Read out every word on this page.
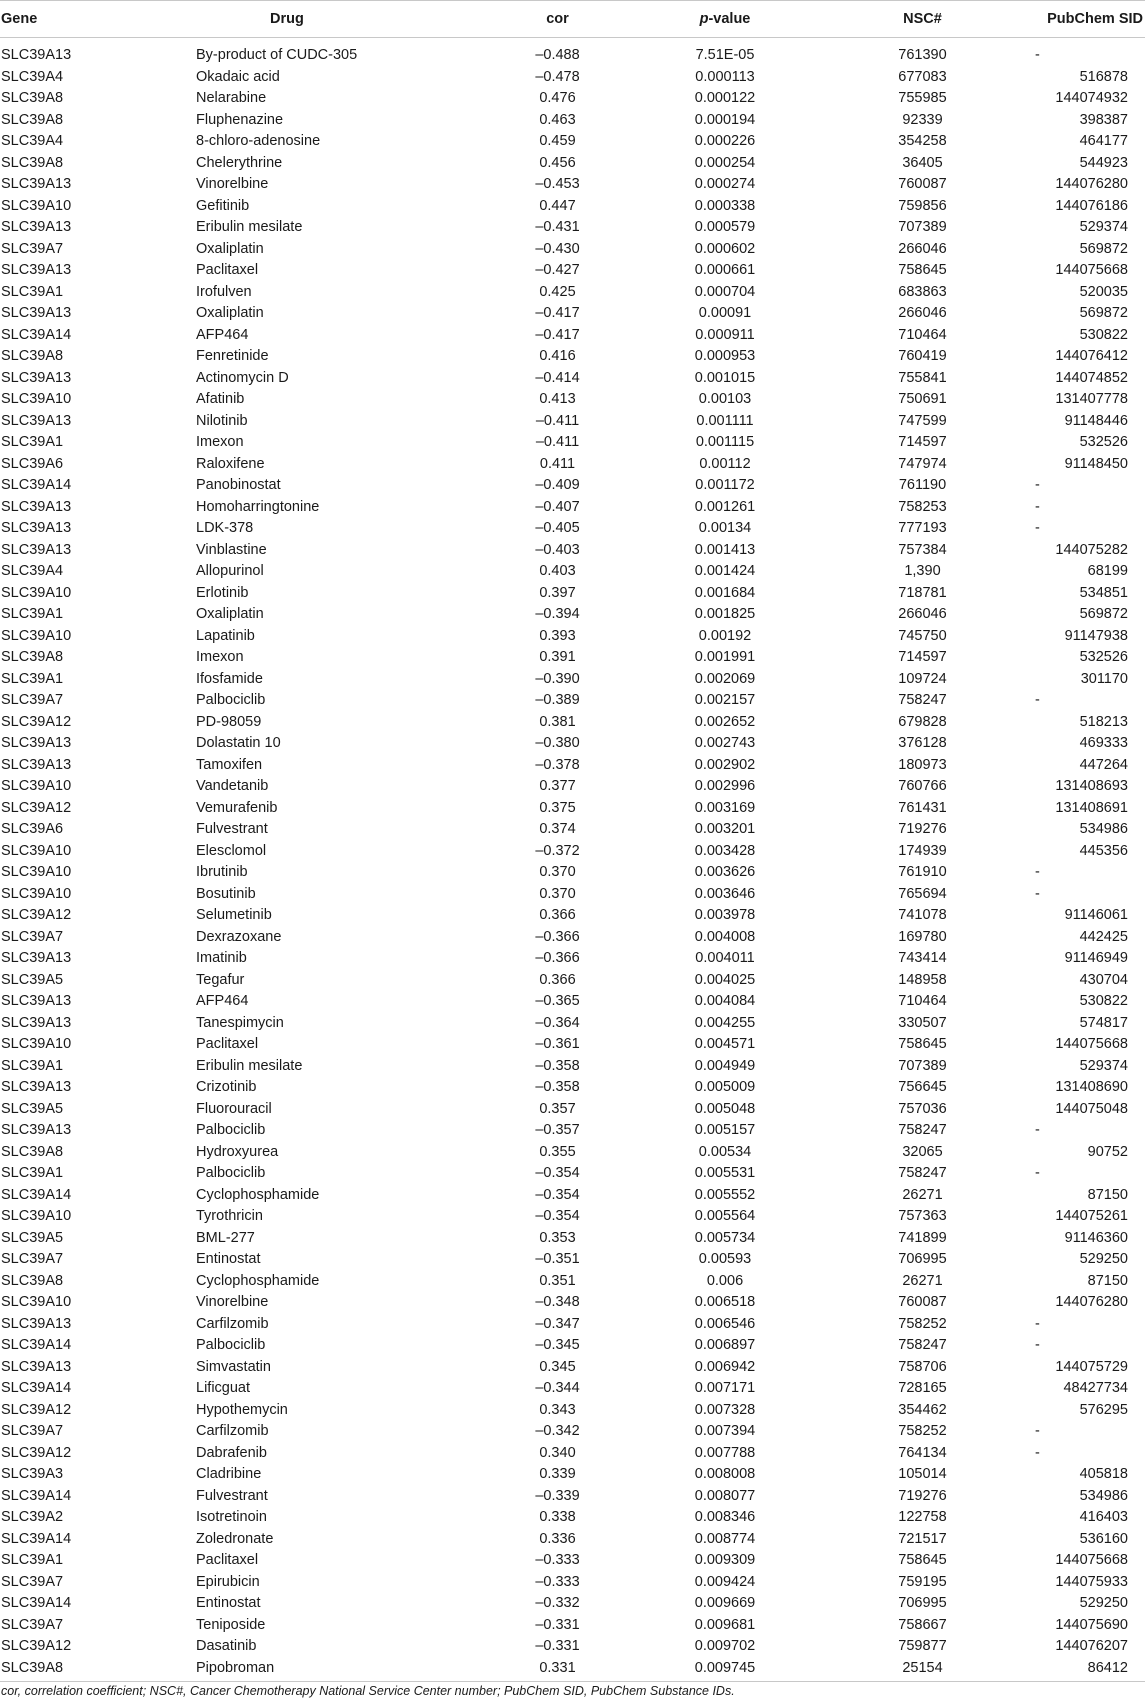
Gene	Drug	cor	p-value	NSC#	PubChem SID
SLC39A13	By-product of CUDC-305	–0.488	7.51E-05	761390	-
SLC39A4	Okadaic acid	–0.478	0.000113	677083	516878
SLC39A8	Nelarabine	0.476	0.000122	755985	144074932
SLC39A8	Fluphenazine	0.463	0.000194	92339	398387
SLC39A4	8-chloro-adenosine	0.459	0.000226	354258	464177
SLC39A8	Chelerythrine	0.456	0.000254	36405	544923
SLC39A13	Vinorelbine	–0.453	0.000274	760087	144076280
SLC39A10	Gefitinib	0.447	0.000338	759856	144076186
SLC39A13	Eribulin mesilate	–0.431	0.000579	707389	529374
SLC39A7	Oxaliplatin	–0.430	0.000602	266046	569872
SLC39A13	Paclitaxel	–0.427	0.000661	758645	144075668
SLC39A1	Irofulven	0.425	0.000704	683863	520035
SLC39A13	Oxaliplatin	–0.417	0.00091	266046	569872
SLC39A14	AFP464	–0.417	0.000911	710464	530822
SLC39A8	Fenretinide	0.416	0.000953	760419	144076412
SLC39A13	Actinomycin D	–0.414	0.001015	755841	144074852
SLC39A10	Afatinib	0.413	0.00103	750691	131407778
SLC39A13	Nilotinib	–0.411	0.001111	747599	91148446
SLC39A1	Imexon	–0.411	0.001115	714597	532526
SLC39A6	Raloxifene	0.411	0.00112	747974	91148450
SLC39A14	Panobinostat	–0.409	0.001172	761190	-
SLC39A13	Homoharringtonine	–0.407	0.001261	758253	-
SLC39A13	LDK-378	–0.405	0.00134	777193	-
SLC39A13	Vinblastine	–0.403	0.001413	757384	144075282
SLC39A4	Allopurinol	0.403	0.001424	1,390	68199
SLC39A10	Erlotinib	0.397	0.001684	718781	534851
SLC39A1	Oxaliplatin	–0.394	0.001825	266046	569872
SLC39A10	Lapatinib	0.393	0.00192	745750	91147938
SLC39A8	Imexon	0.391	0.001991	714597	532526
SLC39A1	Ifosfamide	–0.390	0.002069	109724	301170
SLC39A7	Palbociclib	–0.389	0.002157	758247	-
SLC39A12	PD-98059	0.381	0.002652	679828	518213
SLC39A13	Dolastatin 10	–0.380	0.002743	376128	469333
SLC39A13	Tamoxifen	–0.378	0.002902	180973	447264
SLC39A10	Vandetanib	0.377	0.002996	760766	131408693
SLC39A12	Vemurafenib	0.375	0.003169	761431	131408691
SLC39A6	Fulvestrant	0.374	0.003201	719276	534986
SLC39A10	Elesclomol	–0.372	0.003428	174939	445356
SLC39A10	Ibrutinib	0.370	0.003626	761910	-
SLC39A10	Bosutinib	0.370	0.003646	765694	-
SLC39A12	Selumetinib	0.366	0.003978	741078	91146061
SLC39A7	Dexrazoxane	–0.366	0.004008	169780	442425
SLC39A13	Imatinib	–0.366	0.004011	743414	91146949
SLC39A5	Tegafur	0.366	0.004025	148958	430704
SLC39A13	AFP464	–0.365	0.004084	710464	530822
SLC39A13	Tanespimycin	–0.364	0.004255	330507	574817
SLC39A10	Paclitaxel	–0.361	0.004571	758645	144075668
SLC39A1	Eribulin mesilate	–0.358	0.004949	707389	529374
SLC39A13	Crizotinib	–0.358	0.005009	756645	131408690
SLC39A5	Fluorouracil	0.357	0.005048	757036	144075048
SLC39A13	Palbociclib	–0.357	0.005157	758247	-
SLC39A8	Hydroxyurea	0.355	0.00534	32065	90752
SLC39A1	Palbociclib	–0.354	0.005531	758247	-
SLC39A14	Cyclophosphamide	–0.354	0.005552	26271	87150
SLC39A10	Tyrothricin	–0.354	0.005564	757363	144075261
SLC39A5	BML-277	0.353	0.005734	741899	91146360
SLC39A7	Entinostat	–0.351	0.00593	706995	529250
SLC39A8	Cyclophosphamide	0.351	0.006	26271	87150
SLC39A10	Vinorelbine	–0.348	0.006518	760087	144076280
SLC39A13	Carfilzomib	–0.347	0.006546	758252	-
SLC39A14	Palbociclib	–0.345	0.006897	758247	-
SLC39A13	Simvastatin	0.345	0.006942	758706	144075729
SLC39A14	Lificguat	–0.344	0.007171	728165	48427734
SLC39A12	Hypothemycin	0.343	0.007328	354462	576295
SLC39A7	Carfilzomib	–0.342	0.007394	758252	-
SLC39A12	Dabrafenib	0.340	0.007788	764134	-
SLC39A3	Cladribine	0.339	0.008008	105014	405818
SLC39A14	Fulvestrant	–0.339	0.008077	719276	534986
SLC39A2	Isotretinoin	0.338	0.008346	122758	416403
SLC39A14	Zoledronate	0.336	0.008774	721517	536160
SLC39A1	Paclitaxel	–0.333	0.009309	758645	144075668
SLC39A7	Epirubicin	–0.333	0.009424	759195	144075933
SLC39A14	Entinostat	–0.332	0.009669	706995	529250
SLC39A7	Teniposide	–0.331	0.009681	758667	144075690
SLC39A12	Dasatinib	–0.331	0.009702	759877	144076207
SLC39A8	Pipobroman	0.331	0.009745	25154	86412
cor, correlation coefficient; NSC#, Cancer Chemotherapy National Service Center number; PubChem SID, PubChem Substance IDs.
